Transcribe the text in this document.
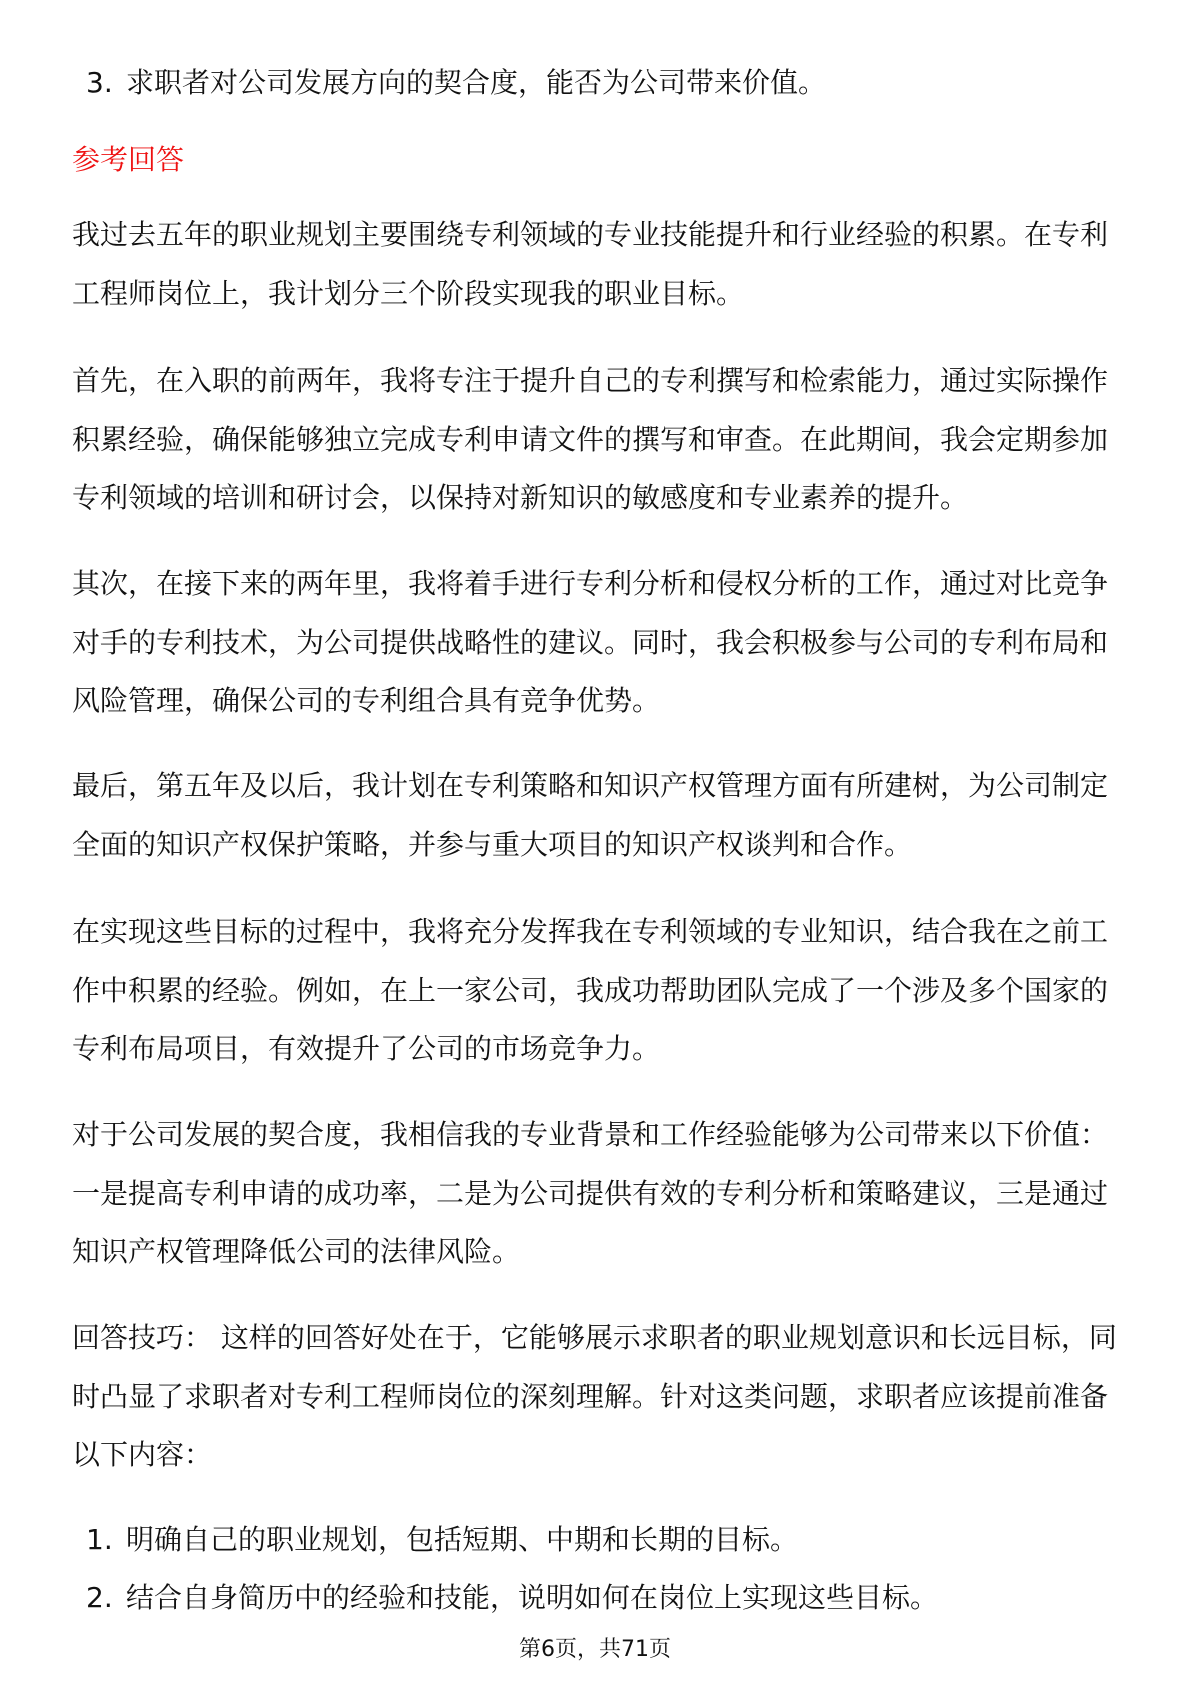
3. 求职者对公司发展方向的契合度，能否为公司带来价值。
参考回答

我过去五年的职业规划主要围绕专利领域的专业技能提升和行业经验的积累。在专利工程师岗位上，我计划分三个阶段实现我的职业目标。

首先，在入职的前两年，我将专注于提升自己的专利撰写和检索能力，通过实际操作积累经验，确保能够独立完成专利申请文件的撰写和审查。在此期间，我会定期参加专利领域的培训和研讨会，以保持对新知识的敏感度和专业素养的提升。

其次，在接下来的两年里，我将着手进行专利分析和侵权分析的工作，通过对比竞争对手的专利技术，为公司提供战略性的建议。同时，我会积极参与公司的专利布局和风险管理，确保公司的专利组合具有竞争优势。

最后，第五年及以后，我计划在专利策略和知识产权管理方面有所建树，为公司制定全面的知识产权保护策略，并参与重大项目的知识产权谈判和合作。

在实现这些目标的过程中，我将充分发挥我在专利领域的专业知识，结合我在之前工作中积累的经验。例如，在上一家公司，我成功帮助团队完成了一个涉及多个国家的专利布局项目，有效提升了公司的市场竞争力。

对于公司发展的契合度，我相信我的专业背景和工作经验能够为公司带来以下价值：一是提高专利申请的成功率，二是为公司提供有效的专利分析和策略建议，三是通过知识产权管理降低公司的法律风险。

回答技巧： 这样的回答好处在于，它能够展示求职者的职业规划意识和长远目标，同时凸显了求职者对专利工程师岗位的深刻理解。针对这类问题，求职者应该提前准备以下内容：

1. 明确自己的职业规划，包括短期、中期和长期的目标。
2. 结合自身简历中的经验和技能，说明如何在岗位上实现这些目标。
第6页，共71页
